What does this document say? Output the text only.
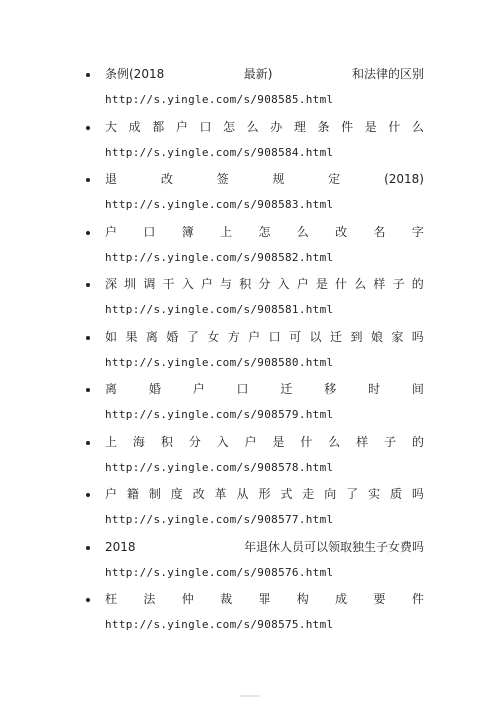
条例(2018	最新)	和法律的区别
http://s.yingle.com/s/908585.html
大 成 都 户 口 怎 么 办 理 条 件 是 什 么
http://s.yingle.com/s/908584.html
退	改	签	规	定	(2018)
http://s.yingle.com/s/908583.html
户 口 簿 上 怎 么 改 名 字
http://s.yingle.com/s/908582.html
深 圳 调 干 入 户 与 积 分 入 户 是 什 么 样 子 的
http://s.yingle.com/s/908581.html
如 果 离 婚 了 女 方 户 口 可 以 迁 到 娘 家 吗
http://s.yingle.com/s/908580.html
离	婚	户	口	迁	移	时	间
http://s.yingle.com/s/908579.html
上 海 积 分 入 户 是 什 么 样 子 的
http://s.yingle.com/s/908578.html
户 籍 制 度 改 革 从 形 式 走 向 了 实 质 吗
http://s.yingle.com/s/908577.html
2018	年退休人员可以领取独生子女费吗
http://s.yingle.com/s/908576.html
枉 法 仲 裁 罪 构 成 要 件
http://s.yingle.com/s/908575.html
